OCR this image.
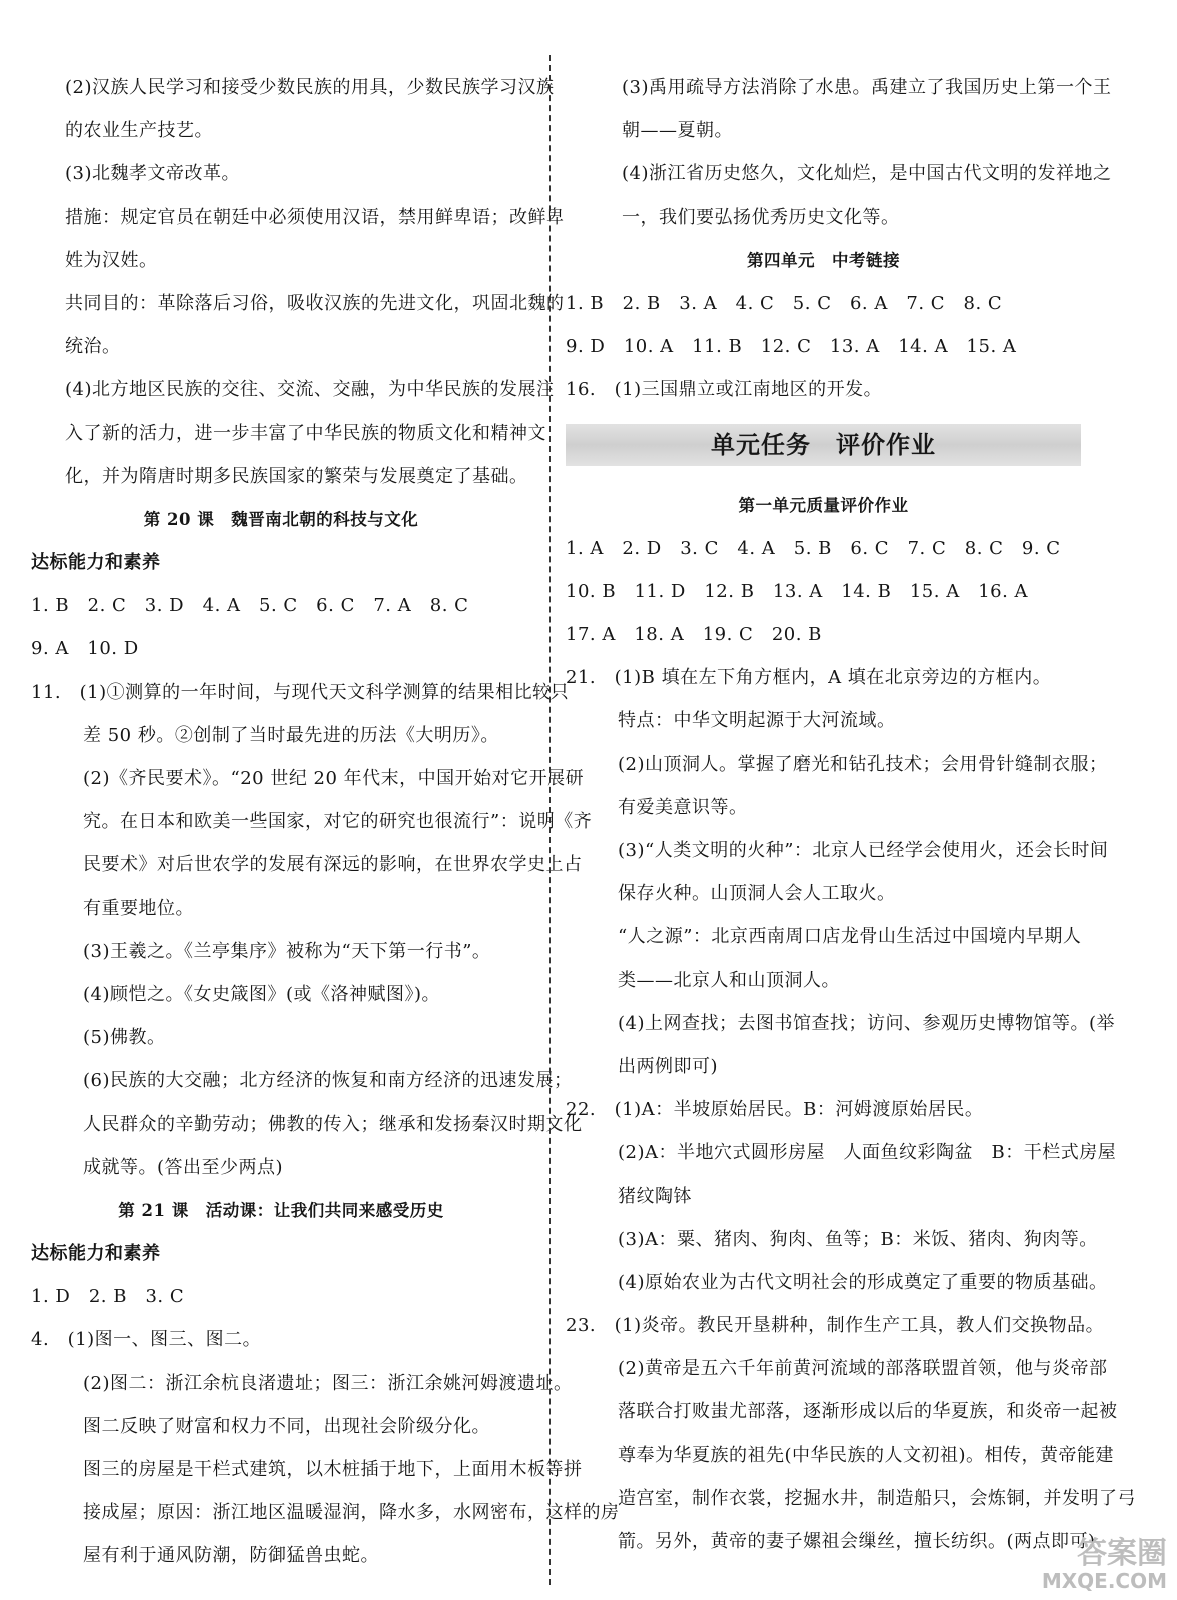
(2)汉族人民学习和接受少数民族的用具，少数民族学习汉族
的农业生产技艺。
(3)北魏孝文帝改革。
措施：规定官员在朝廷中必须使用汉语，禁用鲜卑语；改鲜卑
姓为汉姓。
共同目的：革除落后习俗，吸收汉族的先进文化，巩固北魏的
统治。
(4)北方地区民族的交往、交流、交融，为中华民族的发展注
入了新的活力，进一步丰富了中华民族的物质文化和精神文
化，并为隋唐时期多民族国家的繁荣与发展奠定了基础。
第 20 课　魏晋南北朝的科技与文化
达标能力和素养
1. B　2. C　3. D　4. A　5. C　6. C　7. A　8. C
9. A　10. D
11.　(1)①测算的一年时间，与现代天文科学测算的结果相比较只
差 50 秒。②创制了当时最先进的历法《大明历》。
(2)《齐民要术》。“20 世纪 20 年代末，中国开始对它开展研
究。在日本和欧美一些国家，对它的研究也很流行”：说明《齐
民要术》对后世农学的发展有深远的影响，在世界农学史上占
有重要地位。
(3)王羲之。《兰亭集序》被称为“天下第一行书”。
(4)顾恺之。《女史箴图》(或《洛神赋图》)。
(5)佛教。
(6)民族的大交融；北方经济的恢复和南方经济的迅速发展；
人民群众的辛勤劳动；佛教的传入；继承和发扬秦汉时期文化
成就等。(答出至少两点)
第 21 课　活动课：让我们共同来感受历史
达标能力和素养
1. D　2. B　3. C
4.　(1)图一、图三、图二。
(2)图二：浙江余杭良渚遗址；图三：浙江余姚河姆渡遗址。
图二反映了财富和权力不同，出现社会阶级分化。
图三的房屋是干栏式建筑，以木桩插于地下，上面用木板等拼
接成屋；原因：浙江地区温暖湿润，降水多，水网密布，这样的房
屋有利于通风防潮，防御猛兽虫蛇。
(3)禹用疏导方法消除了水患。禹建立了我国历史上第一个王
朝——夏朝。
(4)浙江省历史悠久，文化灿烂，是中国古代文明的发祥地之
一，我们要弘扬优秀历史文化等。
第四单元　中考链接
1. B　2. B　3. A　4. C　5. C　6. A　7. C　8. C
9. D　10. A　11. B　12. C　13. A　14. A　15. A
16.　(1)三国鼎立或江南地区的开发。
单元任务　评价作业
第一单元质量评价作业
1. A　2. D　3. C　4. A　5. B　6. C　7. C　8. C　9. C
10. B　11. D　12. B　13. A　14. B　15. A　16. A
17. A　18. A　19. C　20. B
21.　(1)B 填在左下角方框内，A 填在北京旁边的方框内。
特点：中华文明起源于大河流域。
(2)山顶洞人。掌握了磨光和钻孔技术；会用骨针缝制衣服；
有爱美意识等。
(3)“人类文明的火种”：北京人已经学会使用火，还会长时间
保存火种。山顶洞人会人工取火。
“人之源”：北京西南周口店龙骨山生活过中国境内早期人
类——北京人和山顶洞人。
(4)上网查找；去图书馆查找；访问、参观历史博物馆等。(举
出两例即可)
22.　(1)A：半坡原始居民。B：河姆渡原始居民。
(2)A：半地穴式圆形房屋　人面鱼纹彩陶盆　B：干栏式房屋
猪纹陶钵
(3)A：粟、猪肉、狗肉、鱼等；B：米饭、猪肉、狗肉等。
(4)原始农业为古代文明社会的形成奠定了重要的物质基础。
23.　(1)炎帝。教民开垦耕种，制作生产工具，教人们交换物品。
(2)黄帝是五六千年前黄河流域的部落联盟首领，他与炎帝部
落联合打败蚩尤部落，逐渐形成以后的华夏族，和炎帝一起被
尊奉为华夏族的祖先(中华民族的人文初祖)。相传，黄帝能建
造宫室，制作衣裳，挖掘水井，制造船只，会炼铜，并发明了弓
箭。另外，黄帝的妻子嫘祖会缫丝，擅长纺织。(两点即可)
答案圈
MXQE.COM
